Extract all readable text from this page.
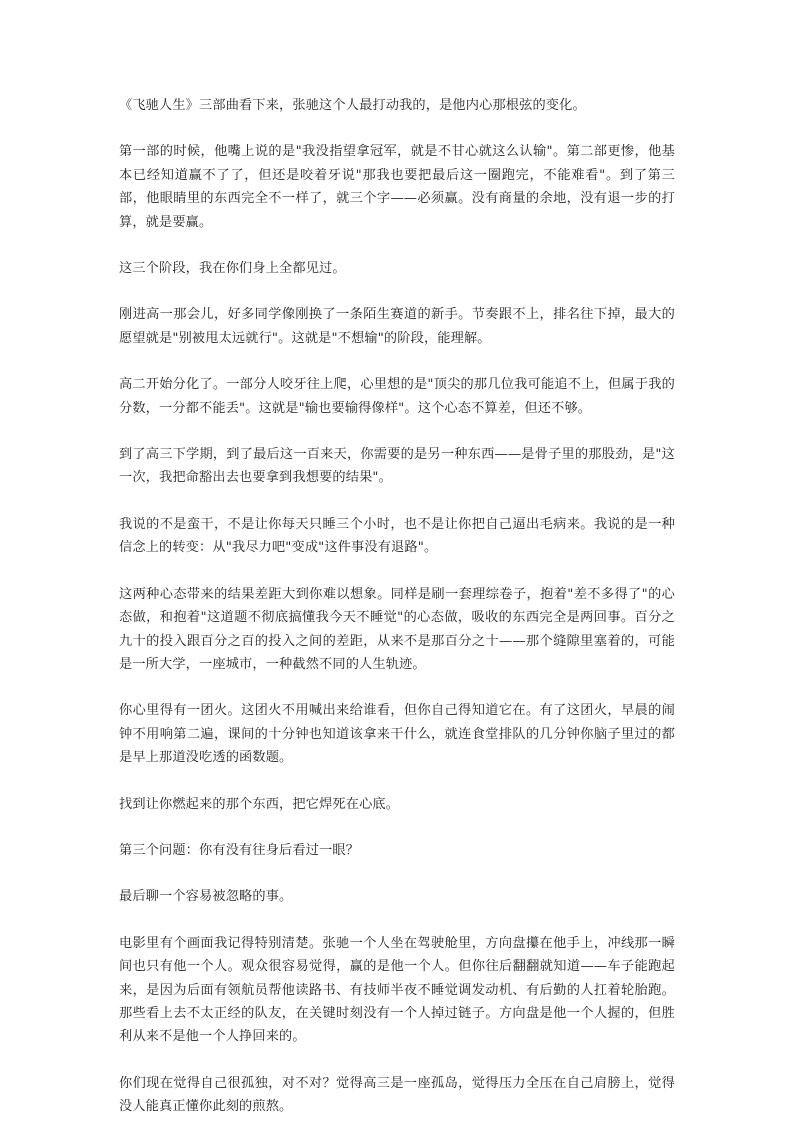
《飞驰人生》三部曲看下来，张驰这个人最打动我的，是他内心那根弦的变化。

第一部的时候，他嘴上说的是"我没指望拿冠军，就是不甘心就这么认输"。第二部更惨，他基本已经知道赢不了了，但还是咬着牙说"那我也要把最后这一圈跑完，不能难看"。到了第三部，他眼睛里的东西完全不一样了，就三个字——必须赢。没有商量的余地，没有退一步的打算，就是要赢。

这三个阶段，我在你们身上全都见过。

刚进高一那会儿，好多同学像刚换了一条陌生赛道的新手。节奏跟不上，排名往下掉，最大的愿望就是"别被甩太远就行"。这就是"不想输"的阶段，能理解。

高二开始分化了。一部分人咬牙往上爬，心里想的是"顶尖的那几位我可能追不上，但属于我的分数，一分都不能丢"。这就是"输也要输得像样"。这个心态不算差，但还不够。

到了高三下学期，到了最后这一百来天，你需要的是另一种东西——是骨子里的那股劲，是"这一次，我把命豁出去也要拿到我想要的结果"。

我说的不是蛮干，不是让你每天只睡三个小时，也不是让你把自己逼出毛病来。我说的是一种信念上的转变：从"我尽力吧"变成"这件事没有退路"。

这两种心态带来的结果差距大到你难以想象。同样是刷一套理综卷子，抱着"差不多得了"的心态做，和抱着"这道题不彻底搞懂我今天不睡觉"的心态做，吸收的东西完全是两回事。百分之九十的投入跟百分之百的投入之间的差距，从来不是那百分之十——那个缝隙里塞着的，可能是一所大学，一座城市，一种截然不同的人生轨迹。

你心里得有一团火。这团火不用喊出来给谁看，但你自己得知道它在。有了这团火，早晨的闹钟不用响第二遍，课间的十分钟也知道该拿来干什么，就连食堂排队的几分钟你脑子里过的都是早上那道没吃透的函数题。

找到让你燃起来的那个东西，把它焊死在心底。

第三个问题：你有没有往身后看过一眼？

最后聊一个容易被忽略的事。

电影里有个画面我记得特别清楚。张驰一个人坐在驾驶舱里，方向盘攥在他手上，冲线那一瞬间也只有他一个人。观众很容易觉得，赢的是他一个人。但你往后翻翻就知道——车子能跑起来，是因为后面有领航员帮他读路书、有技师半夜不睡觉调发动机、有后勤的人扛着轮胎跑。那些看上去不太正经的队友，在关键时刻没有一个人掉过链子。方向盘是他一个人握的，但胜利从来不是他一个人挣回来的。

你们现在觉得自己很孤独，对不对？觉得高三是一座孤岛，觉得压力全压在自己肩膀上，觉得没人能真正懂你此刻的煎熬。
